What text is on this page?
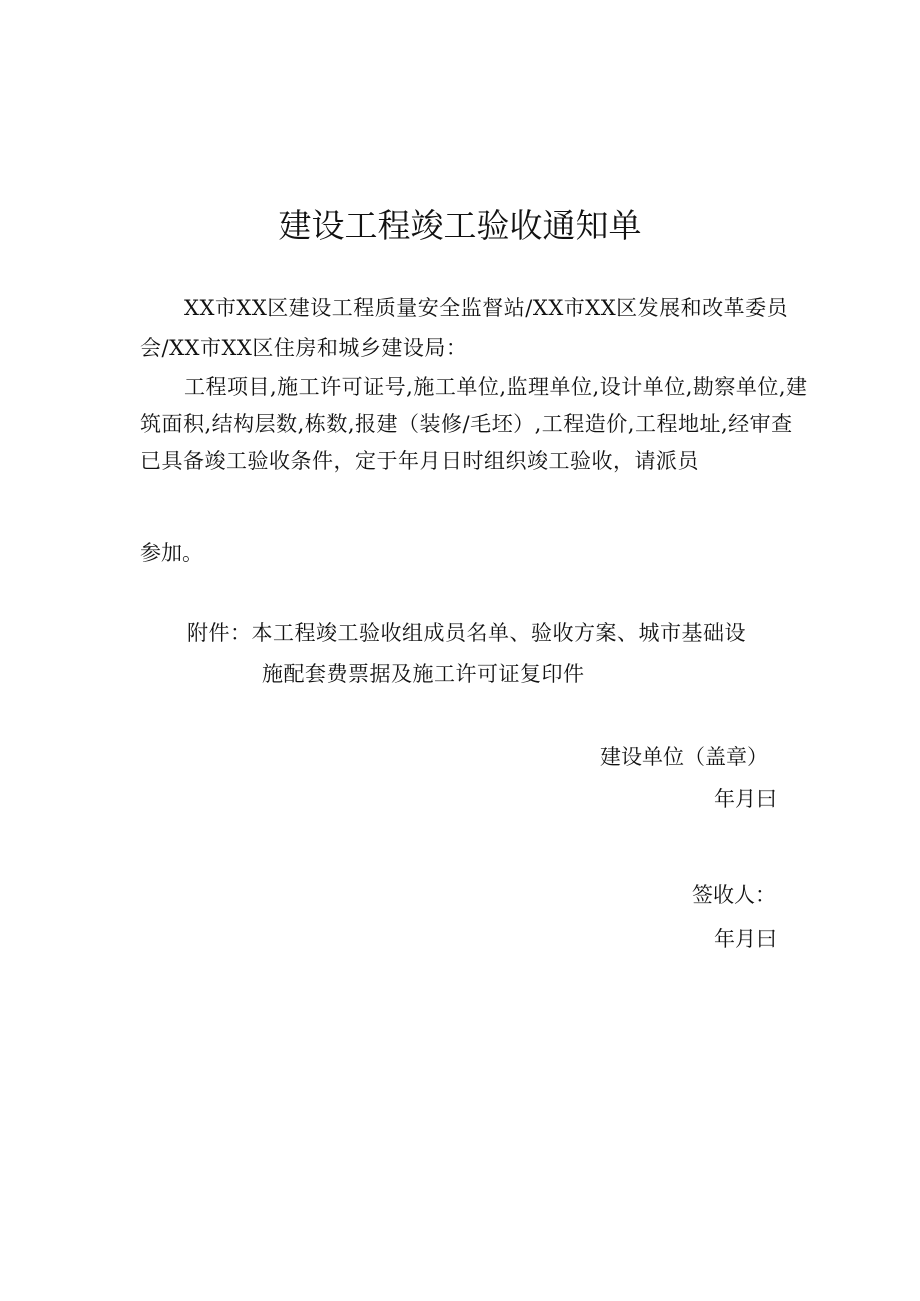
建设工程竣工验收通知单

XX市XX区建设工程质量安全监督站/XX市XX区发展和改革委员会/XX市XX区住房和城乡建设局：

工程项目,施工许可证号,施工单位,监理单位,设计单位,勘察单位,建筑面积,结构层数,栋数,报建（装修/毛坯）,工程造价,工程地址,经审查已具备竣工验收条件，定于年月日时组织竣工验收，请派员

参加。

附件：本工程竣工验收组成员名单、验收方案、城市基础设

施配套费票据及施工许可证复印件

建设单位（盖章）

年月曰

签收人：

年月曰
